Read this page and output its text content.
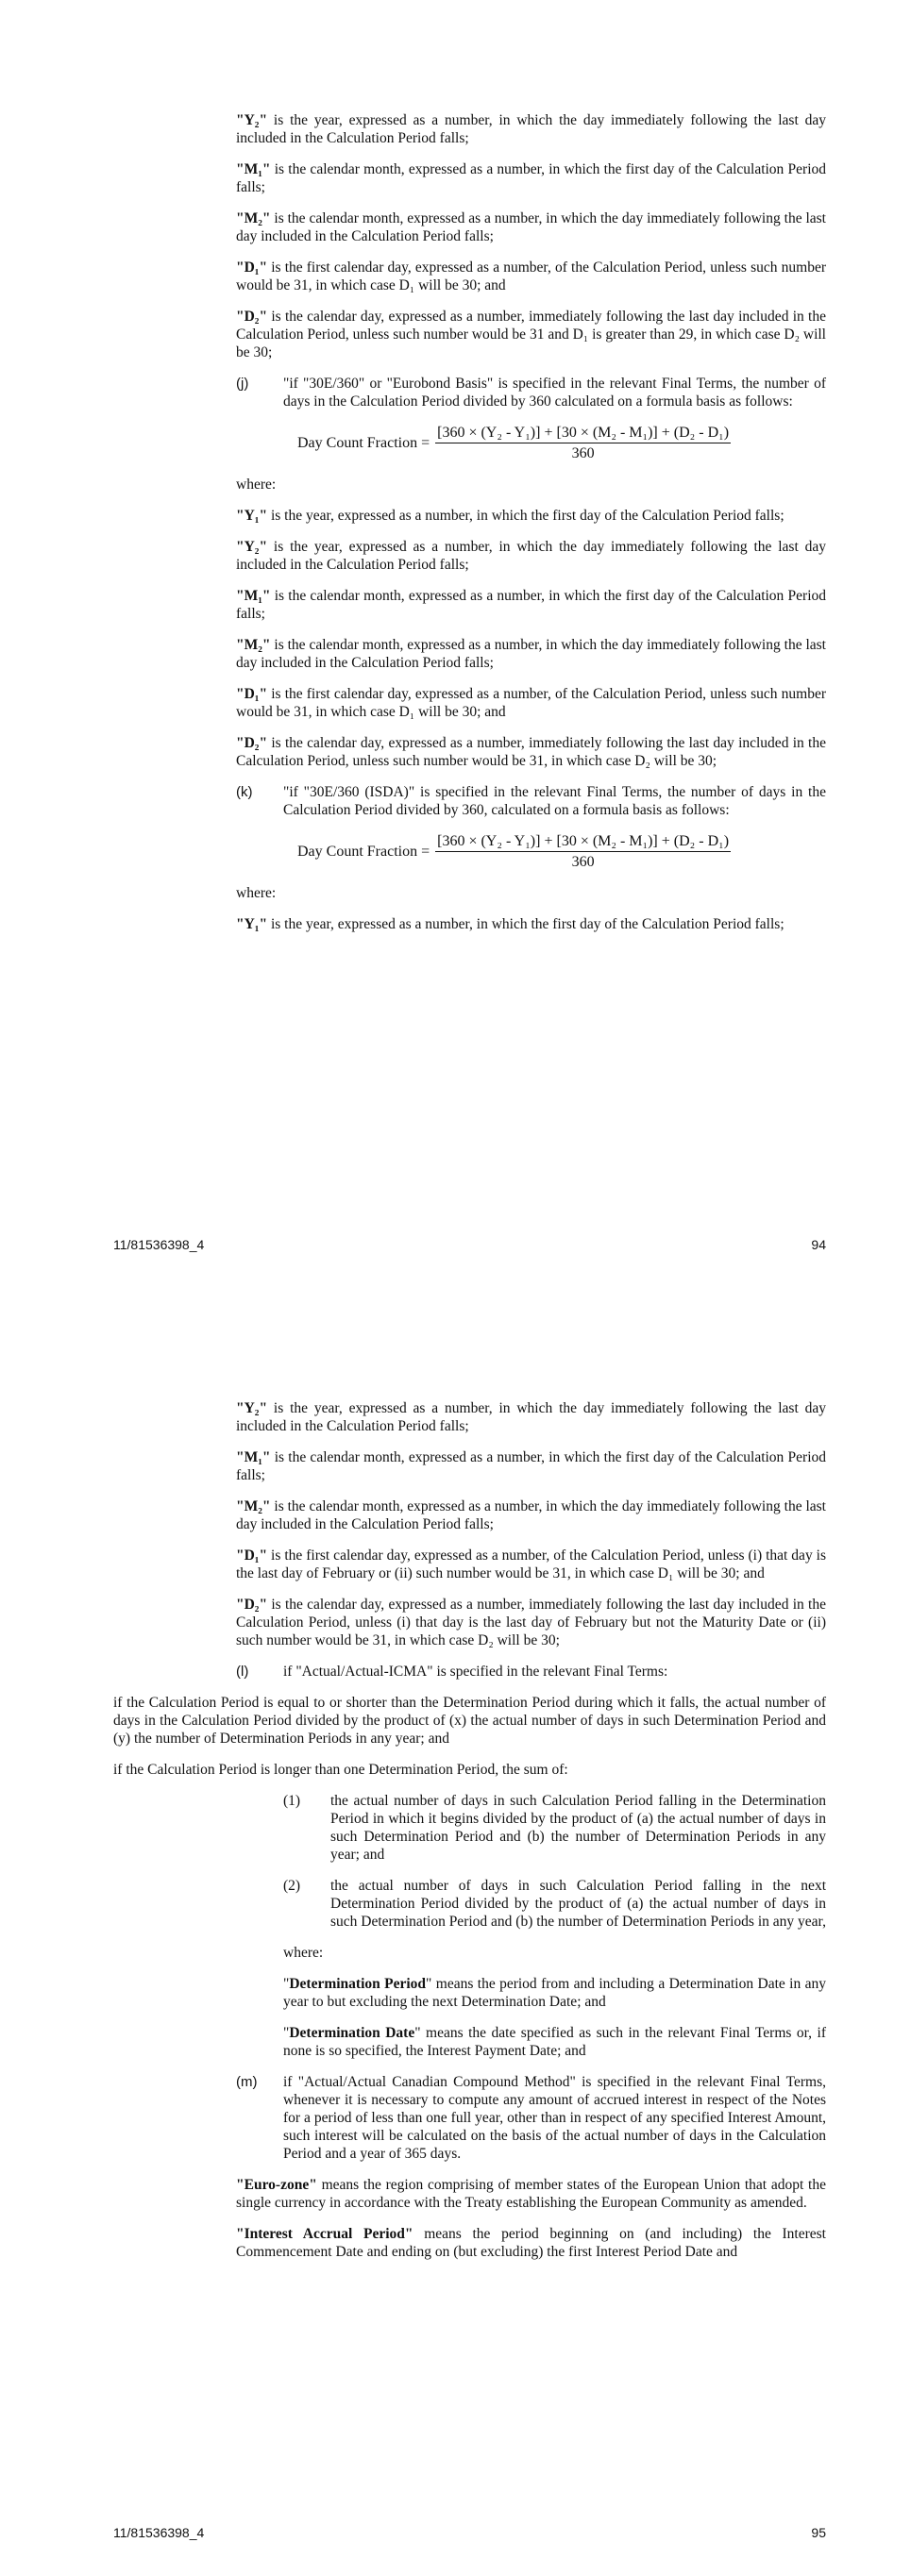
"Y₂" is the year, expressed as a number, in which the day immediately following the last day included in the Calculation Period falls;

"M₁" is the calendar month, expressed as a number, in which the first day of the Calculation Period falls;

"M₂" is the calendar month, expressed as a number, in which the day immediately following the last day included in the Calculation Period falls;

"D₁" is the first calendar day, expressed as a number, of the Calculation Period, unless such number would be 31, in which case D₁ will be 30; and

"D₂" is the calendar day, expressed as a number, immediately following the last day included in the Calculation Period, unless such number would be 31 and D₁ is greater than 29, in which case D₂ will be 30;

(j)	"if "30E/360" or "Eurobond Basis" is specified in the relevant Final Terms, the number of days in the Calculation Period divided by 360 calculated on a formula basis as follows:
Day Count Fraction = $\frac{\text{[360 × (Y₂ - Y₁)] + [30 × (M₂ - M₁)] + (D₂ - D₁)}}{360}$

where:

"Y₁" is the year, expressed as a number, in which the first day of the Calculation Period falls;

"Y₂" is the year, expressed as a number, in which the day immediately following the last day included in the Calculation Period falls;

"M₁" is the calendar month, expressed as a number, in which the first day of the Calculation Period falls;

"M₂" is the calendar month, expressed as a number, in which the day immediately following the last day included in the Calculation Period falls;

"D₁" is the first calendar day, expressed as a number, of the Calculation Period, unless such number would be 31, in which case D₁ will be 30; and

"D₂" is the calendar day, expressed as a number, immediately following the last day included in the Calculation Period, unless such number would be 31, in which case D₂ will be 30;

(k)	"if "30E/360 (ISDA)" is specified in the relevant Final Terms, the number of days in the Calculation Period divided by 360, calculated on a formula basis as follows:
Day Count Fraction = $\frac{\text{[360 × (Y₂ - Y₁)] + [30 × (M₂ - M₁)] + (D₂ - D₁)}}{360}$

where:

"Y₁" is the year, expressed as a number, in which the first day of the Calculation Period falls;

11/81536398_4	94

"Y₂" is the year, expressed as a number, in which the day immediately following the last day included in the Calculation Period falls;

"M₁" is the calendar month, expressed as a number, in which the first day of the Calculation Period falls;

"M₂" is the calendar month, expressed as a number, in which the day immediately following the last day included in the Calculation Period falls;

"D₁" is the first calendar day, expressed as a number, of the Calculation Period, unless (i) that day is the last day of February or (ii) such number would be 31, in which case D₁ will be 30; and

"D₂" is the calendar day, expressed as a number, immediately following the last day included in the Calculation Period, unless (i) that day is the last day of February but not the Maturity Date or (ii) such number would be 31, in which case D₂ will be 30;

(l)	if "Actual/Actual-ICMA" is specified in the relevant Final Terms:

if the Calculation Period is equal to or shorter than the Determination Period during which it falls, the actual number of days in the Calculation Period divided by the product of (x) the actual number of days in such Determination Period and (y) the number of Determination Periods in any year; and

if the Calculation Period is longer than one Determination Period, the sum of:

(1)	the actual number of days in such Calculation Period falling in the Determination Period in which it begins divided by the product of (a) the actual number of days in such Determination Period and (b) the number of Determination Periods in any year; and
(2)	the actual number of days in such Calculation Period falling in the next Determination Period divided by the product of (a) the actual number of days in such Determination Period and (b) the number of Determination Periods in any year,

where:

"Determination Period" means the period from and including a Determination Date in any year to but excluding the next Determination Date; and

"Determination Date" means the date specified as such in the relevant Final Terms or, if none is so specified, the Interest Payment Date; and

(m)	if "Actual/Actual Canadian Compound Method" is specified in the relevant Final Terms, whenever it is necessary to compute any amount of accrued interest in respect of the Notes for a period of less than one full year, other than in respect of any specified Interest Amount, such interest will be calculated on the basis of the actual number of days in the Calculation Period and a year of 365 days.

"Euro-zone" means the region comprising of member states of the European Union that adopt the single currency in accordance with the Treaty establishing the European Community as amended.

"Interest Accrual Period" means the period beginning on (and including) the Interest Commencement Date and ending on (but excluding) the first Interest Period Date and

11/81536398_4	95
